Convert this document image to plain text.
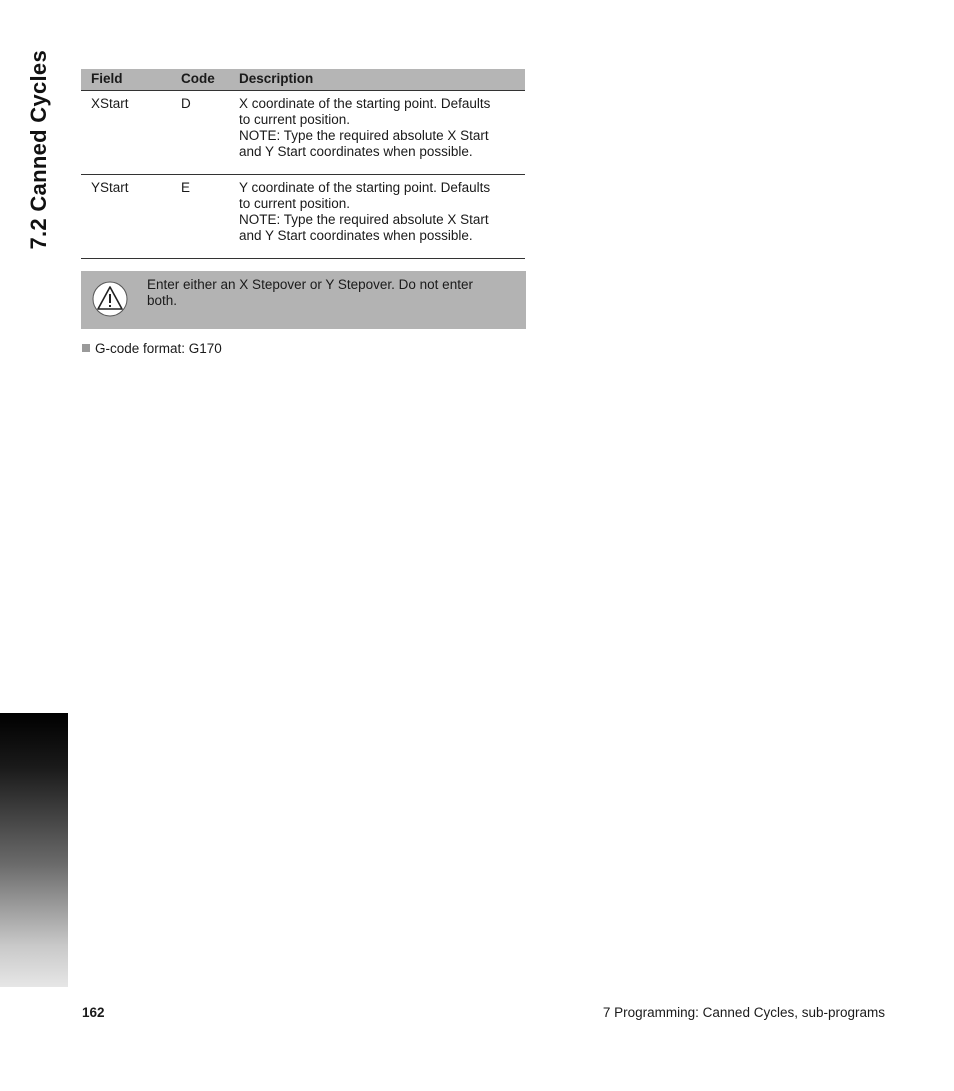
7.2 Canned Cycles	Field	Code	Description
XStart	D	X coordinate of the starting point. Defaults
to current position.
NOTE: Type the required absolute X Start
and Y Start coordinates when possible.

YStart	E	Y coordinate of the starting point. Defaults
to current position.
NOTE: Type the required absolute X Start
and Y Start coordinates when possible.
Enter either an X Stepover or Y Stepover. Do not enter
both.
G-code format: G170
162	7 Programming: Canned Cycles, sub-programs
